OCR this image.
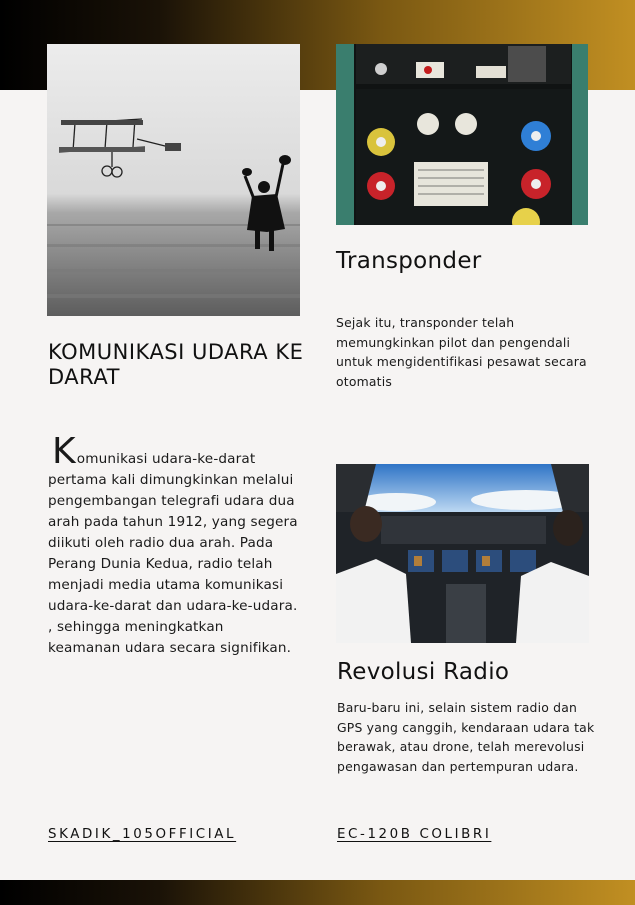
KOMUNIKASI UDARA KE DARAT

Komunikasi udara-ke-darat pertama kali dimungkinkan melalui pengembangan telegrafi udara dua arah pada tahun 1912, yang segera diikuti oleh radio dua arah. Pada Perang Dunia Kedua, radio telah menjadi media utama komunikasi udara-ke-darat dan udara-ke-udara. , sehingga meningkatkan keamanan udara secara signifikan.

Transponder

Sejak itu, transponder telah memungkinkan pilot dan pengendali untuk mengidentifikasi pesawat secara otomatis

Revolusi Radio

Baru-baru ini, selain sistem radio dan GPS yang canggih, kendaraan udara tak berawak, atau drone, telah merevolusi pengawasan dan pertempuran udara.

SKADIK_105OFFICIAL	EC-120B COLIBRI
